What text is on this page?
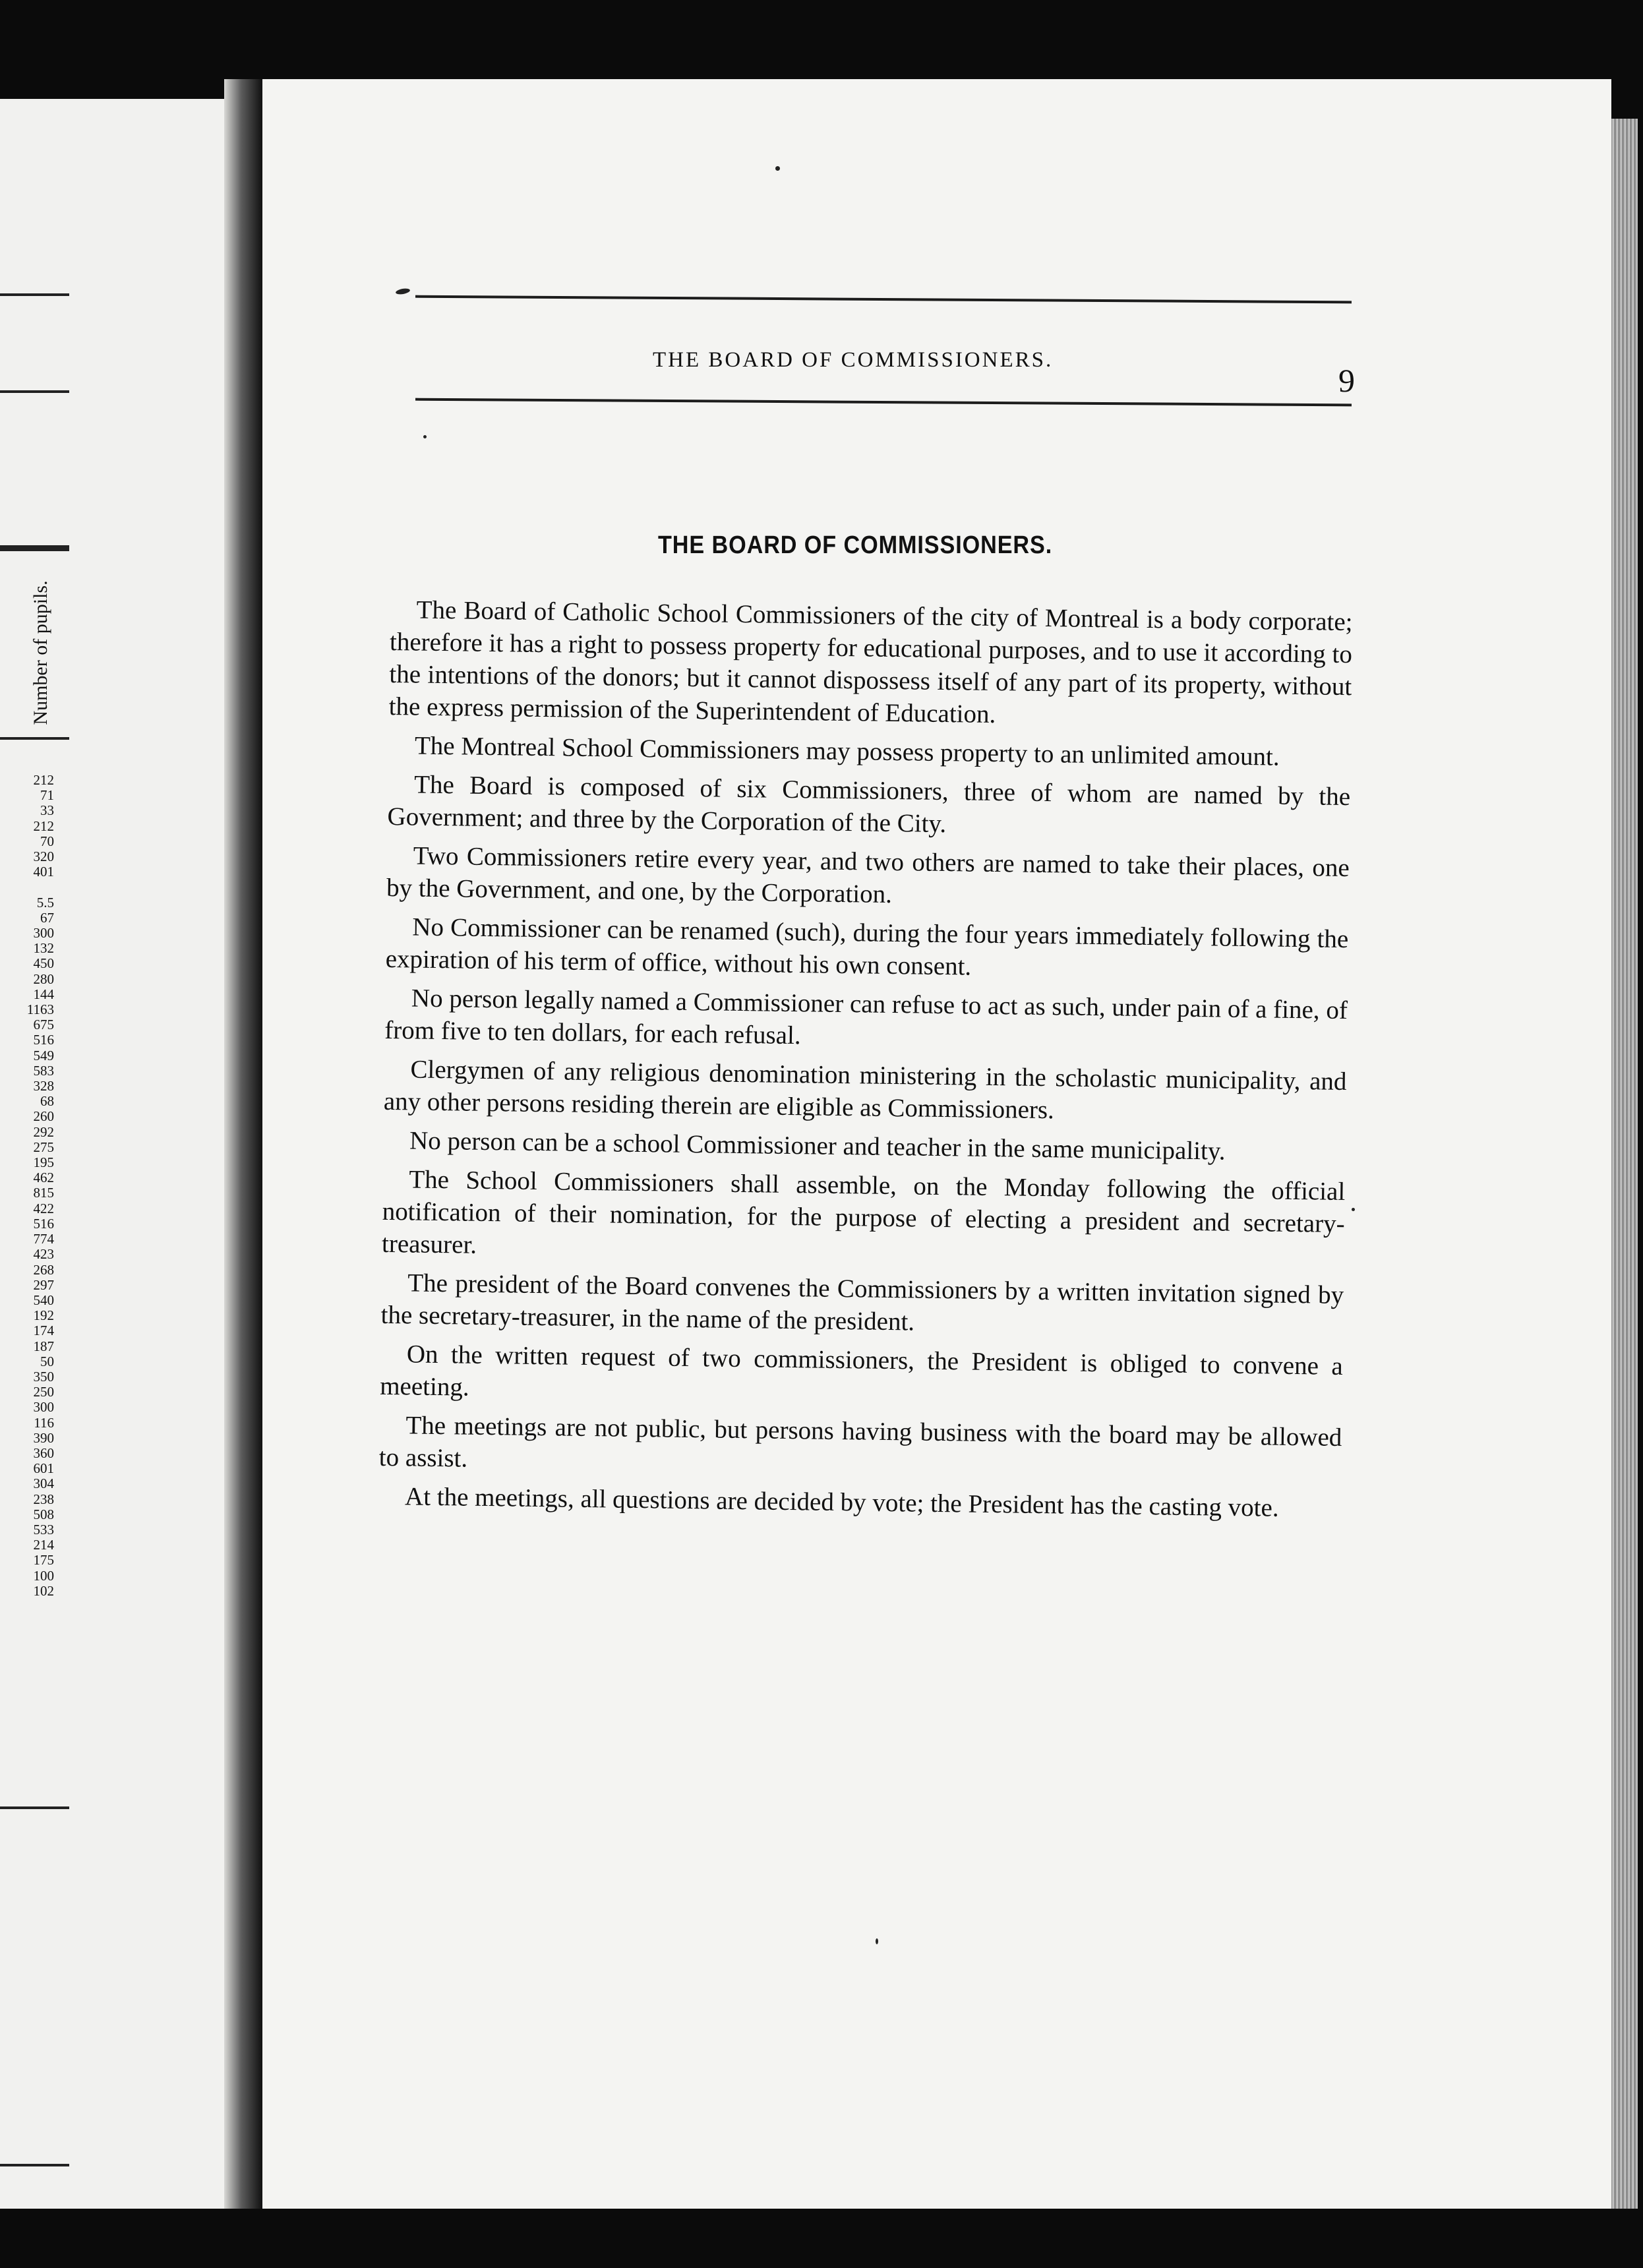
Number of pupils.
212
71
33
212
70
320
401

5.5
67
300
132
450
280
144
1163
675
516
549
583
328
68
260
292
275
195
462
815
422
516
774
423
268
297
540
192
174
187
50
350
250
300
116
390
360
601
304
238
508
533
214
175
100
102
THE BOARD OF COMMISSIONERS.
9
THE BOARD OF COMMISSIONERS.

The Board of Catholic School Commissioners of the city of Montreal is a body corporate; therefore it has a right to possess property for educational purposes, and to use it according to the intentions of the donors; but it cannot dispossess itself of any part of its property, without the express permission of the Superintendent of Education.

The Montreal School Commissioners may possess property to an unlimited amount.

The Board is composed of six Commissioners, three of whom are named by the Government; and three by the Corporation of the City.

Two Commissioners retire every year, and two others are named to take their places, one by the Government, and one, by the Corporation.

No Commissioner can be renamed (such), during the four years immediately following the expiration of his term of office, without his own consent.

No person legally named a Commissioner can refuse to act as such, under pain of a fine, of from five to ten dollars, for each refusal.

Clergymen of any religious denomination ministering in the scholastic municipality, and any other persons residing therein are eligible as Commissioners.

No person can be a school Commissioner and teacher in the same municipality.

The School Commissioners shall assemble, on the Monday following the official notification of their nomination, for the purpose of electing a president and secretary-treasurer.

The president of the Board convenes the Commissioners by a written invitation signed by the secretary-treasurer, in the name of the president.

On the written request of two commissioners, the President is obliged to convene a meeting.

The meetings are not public, but persons having business with the board may be allowed to assist.

At the meetings, all questions are decided by vote; the President has the casting vote.
